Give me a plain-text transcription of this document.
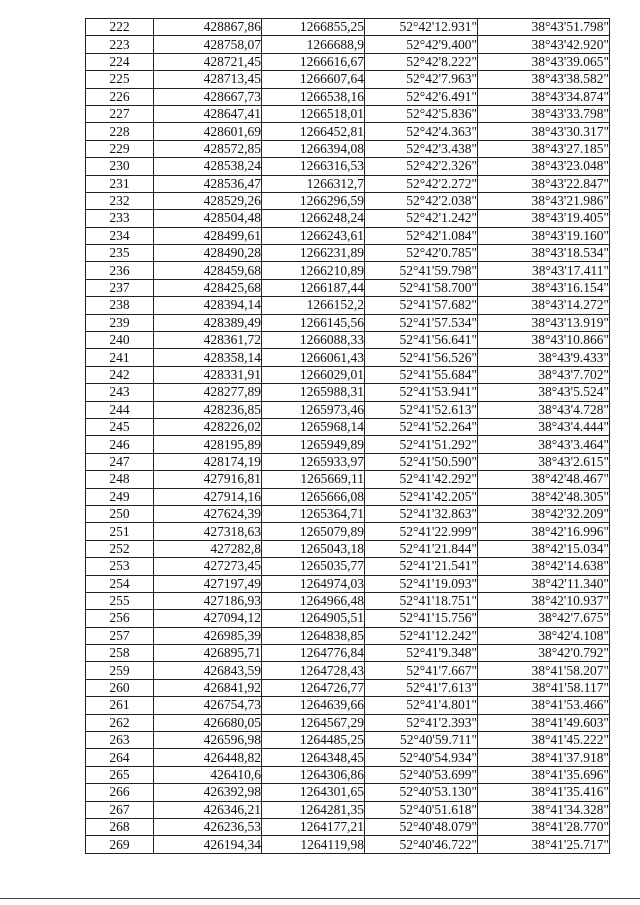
222	428867,86	1266855,25	52°42'12.931"	38°43'51.798"
223	428758,07	1266688,9	52°42'9.400"	38°43'42.920"
224	428721,45	1266616,67	52°42'8.222"	38°43'39.065"
225	428713,45	1266607,64	52°42'7.963"	38°43'38.582"
226	428667,73	1266538,16	52°42'6.491"	38°43'34.874"
227	428647,41	1266518,01	52°42'5.836"	38°43'33.798"
228	428601,69	1266452,81	52°42'4.363"	38°43'30.317"
229	428572,85	1266394,08	52°42'3.438"	38°43'27.185"
230	428538,24	1266316,53	52°42'2.326"	38°43'23.048"
231	428536,47	1266312,7	52°42'2.272"	38°43'22.847"
232	428529,26	1266296,59	52°42'2.038"	38°43'21.986"
233	428504,48	1266248,24	52°42'1.242"	38°43'19.405"
234	428499,61	1266243,61	52°42'1.084"	38°43'19.160"
235	428490,28	1266231,89	52°42'0.785"	38°43'18.534"
236	428459,68	1266210,89	52°41'59.798"	38°43'17.411"
237	428425,68	1266187,44	52°41'58.700"	38°43'16.154"
238	428394,14	1266152,2	52°41'57.682"	38°43'14.272"
239	428389,49	1266145,56	52°41'57.534"	38°43'13.919"
240	428361,72	1266088,33	52°41'56.641"	38°43'10.866"
241	428358,14	1266061,43	52°41'56.526"	38°43'9.433"
242	428331,91	1266029,01	52°41'55.684"	38°43'7.702"
243	428277,89	1265988,31	52°41'53.941"	38°43'5.524"
244	428236,85	1265973,46	52°41'52.613"	38°43'4.728"
245	428226,02	1265968,14	52°41'52.264"	38°43'4.444"
246	428195,89	1265949,89	52°41'51.292"	38°43'3.464"
247	428174,19	1265933,97	52°41'50.590"	38°43'2.615"
248	427916,81	1265669,11	52°41'42.292"	38°42'48.467"
249	427914,16	1265666,08	52°41'42.205"	38°42'48.305"
250	427624,39	1265364,71	52°41'32.863"	38°42'32.209"
251	427318,63	1265079,89	52°41'22.999"	38°42'16.996"
252	427282,8	1265043,18	52°41'21.844"	38°42'15.034"
253	427273,45	1265035,77	52°41'21.541"	38°42'14.638"
254	427197,49	1264974,03	52°41'19.093"	38°42'11.340"
255	427186,93	1264966,48	52°41'18.751"	38°42'10.937"
256	427094,12	1264905,51	52°41'15.756"	38°42'7.675"
257	426985,39	1264838,85	52°41'12.242"	38°42'4.108"
258	426895,71	1264776,84	52°41'9.348"	38°42'0.792"
259	426843,59	1264728,43	52°41'7.667"	38°41'58.207"
260	426841,92	1264726,77	52°41'7.613"	38°41'58.117"
261	426754,73	1264639,66	52°41'4.801"	38°41'53.466"
262	426680,05	1264567,29	52°41'2.393"	38°41'49.603"
263	426596,98	1264485,25	52°40'59.711"	38°41'45.222"
264	426448,82	1264348,45	52°40'54.934"	38°41'37.918"
265	426410,6	1264306,86	52°40'53.699"	38°41'35.696"
266	426392,98	1264301,65	52°40'53.130"	38°41'35.416"
267	426346,21	1264281,35	52°40'51.618"	38°41'34.328"
268	426236,53	1264177,21	52°40'48.079"	38°41'28.770"
269	426194,34	1264119,98	52°40'46.722"	38°41'25.717"
